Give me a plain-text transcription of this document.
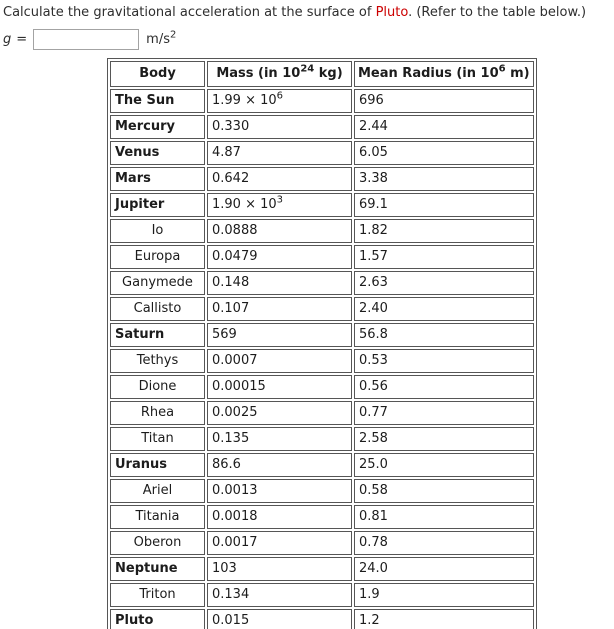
Calculate the gravitational acceleration at the surface of Pluto. (Refer to the table below.)

g =	$m/s^2$
Body	Mass (in $10^{24}$ kg)	Mean Radius (in $10^6$ m)
The Sun	$1.99 \times 10^6$	696
Mercury	0.330	2.44
Venus	4.87	6.05
Mars	0.642	3.38
Jupiter	$1.90 \times 10^3$	69.1
Io	0.0888	1.82
Europa	0.0479	1.57
Ganymede	0.148	2.63
Callisto	0.107	2.40
Saturn	569	56.8
Tethys	0.0007	0.53
Dione	0.00015	0.56
Rhea	0.0025	0.77
Titan	0.135	2.58
Uranus	86.6	25.0
Ariel	0.0013	0.58
Titania	0.0018	0.81
Oberon	0.0017	0.78
Neptune	103	24.0
Triton	0.134	1.9
Pluto	0.015	1.2
